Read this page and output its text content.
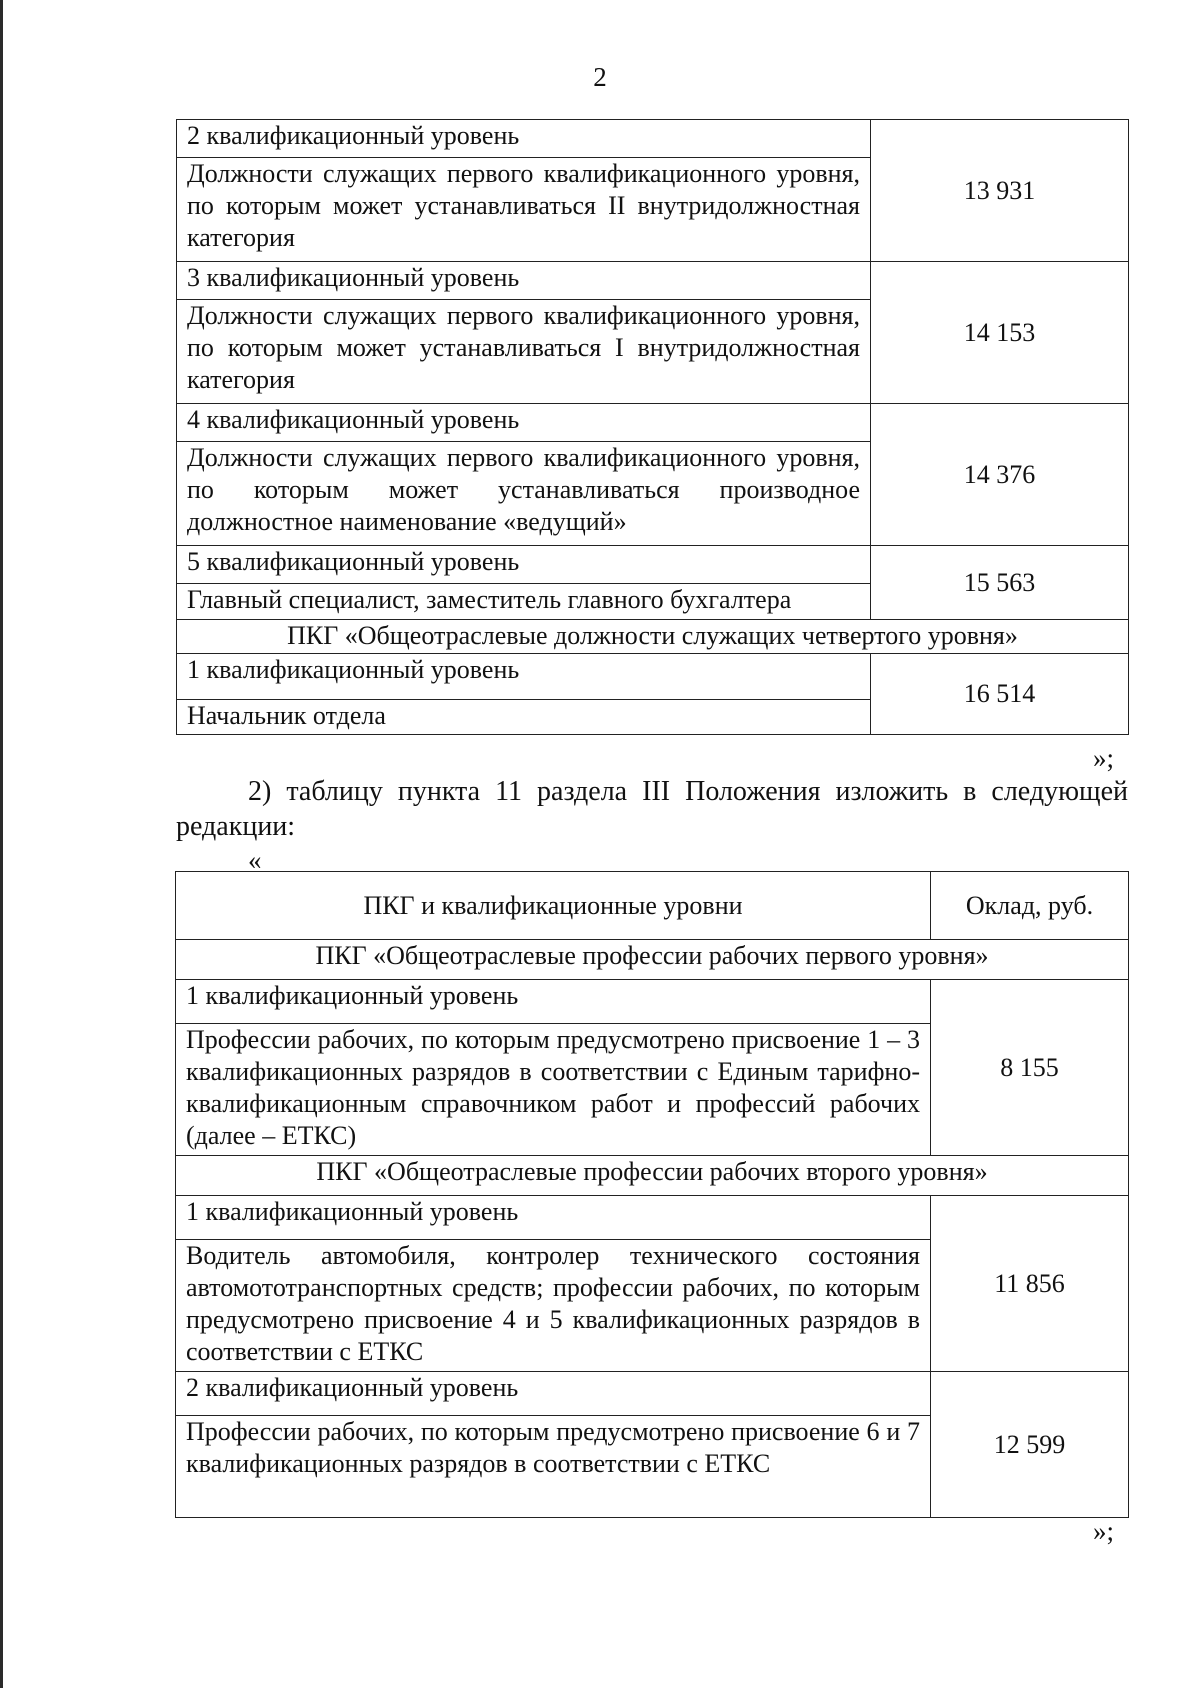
2
2 квалификационный уровень	13 931
Должности служащих первого квалификационного уровня, по которым может устанавливаться II внутридолжностная категория	
3 квалификационный уровень	14 153
Должности служащих первого квалификационного уровня, по которым может устанавливаться I внутридолжностная категория	
4 квалификационный уровень	14 376
Должности служащих первого квалификационного уровня, по которым может устанавливаться производное должностное наименование «ведущий»	
5 квалификационный уровень	15 563
Главный специалист, заместитель главного бухгалтера	
ПКГ «Общеотраслевые должности служащих четвертого уровня»	
1 квалификационный уровень	16 514
Начальник отдела	
»;
2) таблицу пункта 11 раздела III Положения изложить в следующей редакции:
«
ПКГ и квалификационные уровни	Оклад, руб.
ПКГ «Общеотраслевые профессии рабочих первого уровня»	
1 квалификационный уровень	8 155
Профессии рабочих, по которым предусмотрено присвоение 1 – 3 квалификационных разрядов в соответствии с Единым тарифно-квалификационным справочником работ и профессий рабочих (далее – ЕТКС)	
ПКГ «Общеотраслевые профессии рабочих второго уровня»	
1 квалификационный уровень	11 856
Водитель автомобиля, контролер технического состояния автомототранспортных средств; профессии рабочих, по которым предусмотрено присвоение 4 и 5 квалификационных разрядов в соответствии с ЕТКС	
2 квалификационный уровень	12 599
Профессии рабочих, по которым предусмотрено присвоение 6 и 7 квалификационных разрядов в соответствии с ЕТКС	
»;
